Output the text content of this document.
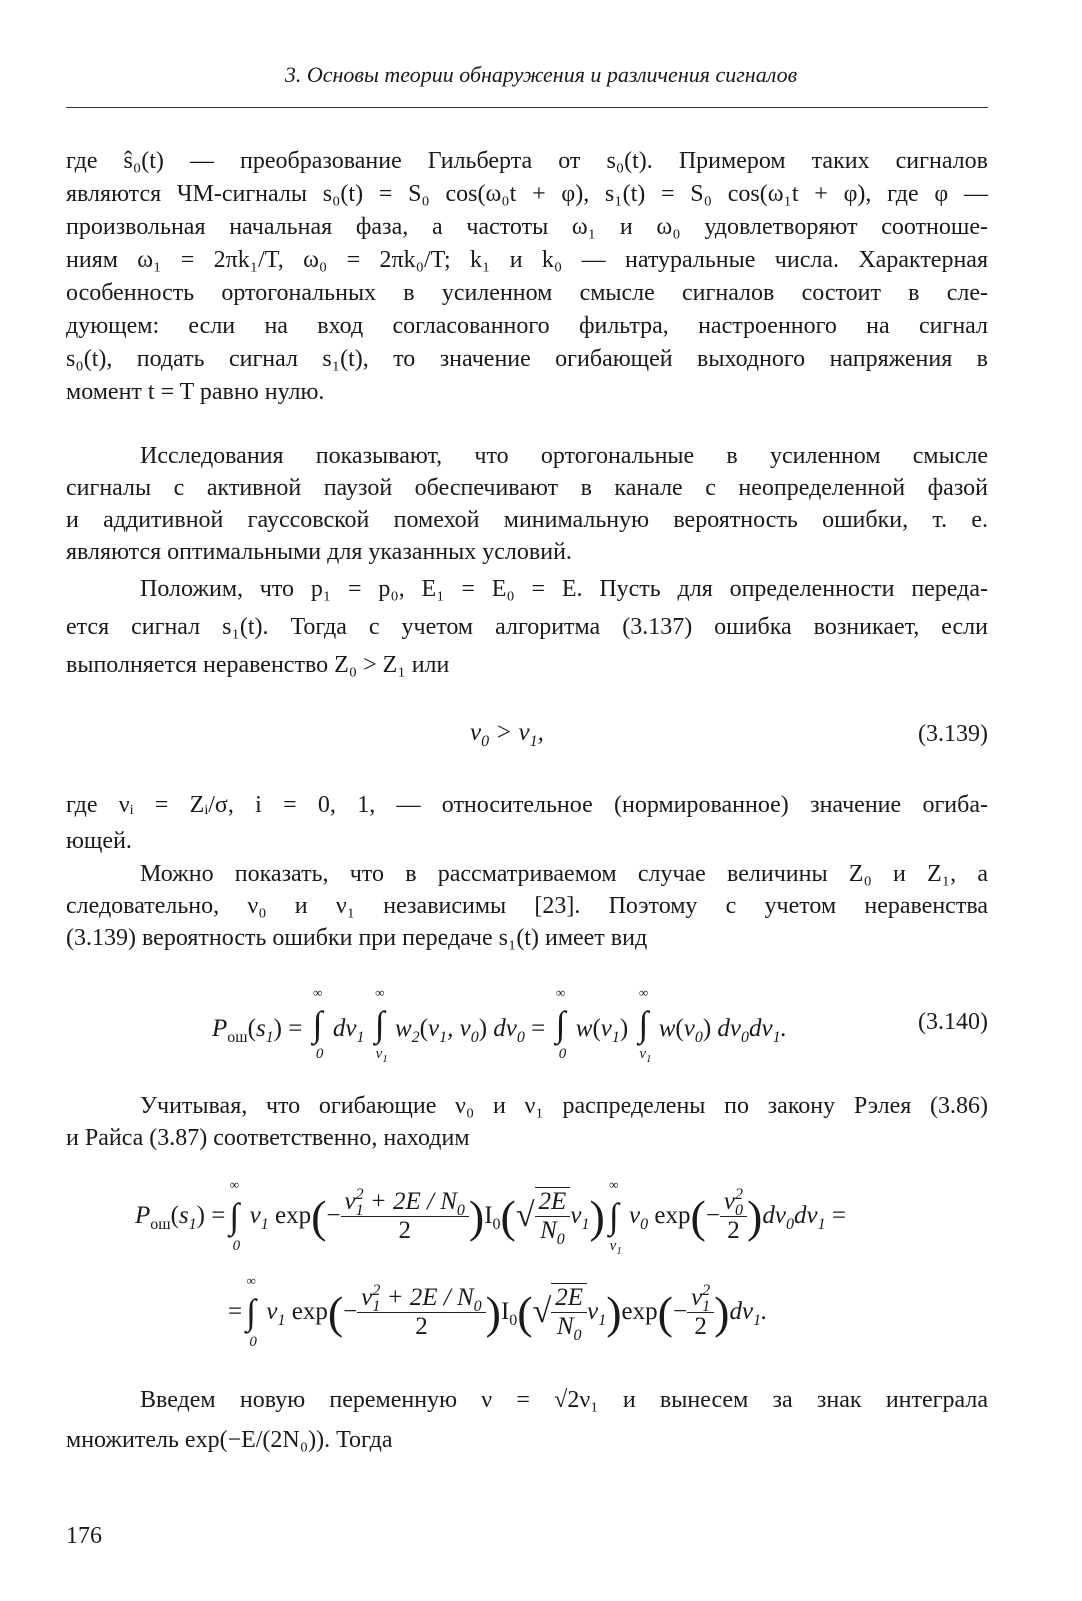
3. Основы теории обнаружения и различения сигналов
где ŝ₀(t) — преобразование Гильберта от s₀(t). Примером таких сигналов
являются ЧМ-сигналы s₀(t) = S₀ cos(ω₀t + φ), s₁(t) = S₀ cos(ω₁t + φ), где φ —
произвольная начальная фаза, а частоты ω₁ и ω₀ удовлетворяют соотноше-
ниям ω₁ = 2πk₁/T, ω₀ = 2πk₀/T; k₁ и k₀ — натуральные числа. Характерная
особенность ортогональных в усиленном смысле сигналов состоит в сле-
дующем: если на вход согласованного фильтра, настроенного на сигнал
s₀(t), подать сигнал s₁(t), то значение огибающей выходного напряжения в
момент t = T равно нулю.
Исследования показывают, что ортогональные в усиленном смысле
сигналы с активной паузой обеспечивают в канале с неопределенной фазой
и аддитивной гауссовской помехой минимальную вероятность ошибки, т. е.
являются оптимальными для указанных условий.
Положим, что p₁ = p₀, E₁ = E₀ = E. Пусть для определенности переда-
ется сигнал s₁(t). Тогда с учетом алгоритма (3.137) ошибка возникает, если
выполняется неравенство Z₀ > Z₁ или
$\nu_0 > \nu_1$,	(3.139)
где νᵢ = Zᵢ/σ, i = 0, 1, — относительное (нормированное) значение огиба-
ющей.
Можно показать, что в рассматриваемом случае величины Z₀ и Z₁, а
следовательно, ν₀ и ν₁ независимы [23]. Поэтому с учетом неравенства
(3.139) вероятность ошибки при передаче s₁(t) имеет вид
$P_{ош}(s_1)$ = ∫
∞
0
$d\nu_1$ ∫
∞
$\nu_1$
$w_2(\nu_1$, $\nu_0$) $d\nu_0$ = ∫
∞
0
$w(\nu_1)$ ∫
∞
$\nu_1$
$w(\nu_0)$ $d\nu_0d\nu_1$.	(3.140)
Учитывая, что огибающие ν₀ и ν₁ распределены по закону Рэлея (3.86)
и Райса (3.87) соответственно, находим
$P_{ош}(s_1)$ = ∫
∞
0
$\nu_1$ exp ( − $\frac{\nu_1^2 + 2E / N_0}{2}$ ) $I_0$ ( √ $\frac{2E}{N_0} \nu_1$ ) ∫
∞
$\nu_1$
$\nu_0$ exp ( − $\frac{\nu_0^2}{2}$ ) $d\nu_0d\nu_1$ =
= ∫
∞
0
$\nu_1$ exp ( − $\frac{\nu_1^2 + 2E / N_0}{2}$ ) $I_0$ ( √ $\frac{2E}{N_0} \nu_1$ ) exp ( − $\frac{\nu_1^2}{2}$ ) $d\nu_1$.
Введем новую переменную ν = √2ν₁ и вынесем за знак интеграла
множитель exp(−E/(2N₀)). Тогда
176
